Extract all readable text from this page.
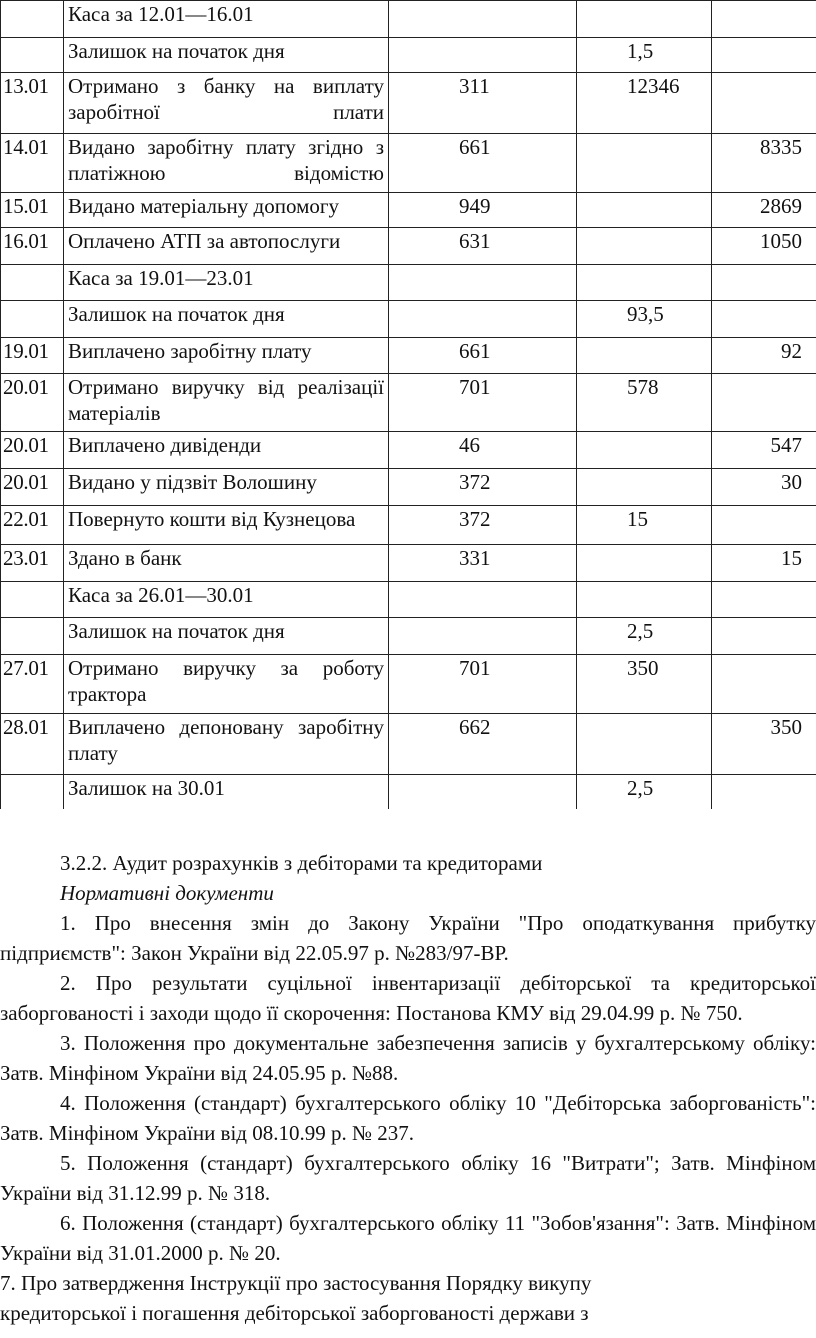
	Каса за 12.01—16.01			
	Залишок на початок дня		1,5	
13.01	Отримано з банку на виплату заробітної плати	311	12346	
14.01	Видано заробітну плату згідно з платіжною відомістю	661		8335
15.01	Видано матеріальну допомогу	949		2869
16.01	Оплачено АТП за автопослуги	631		1050
	Каса за 19.01—23.01			
	Залишок на початок дня		93,5	
19.01	Виплачено заробітну плату	661		92
20.01	Отримано виручку від реалізації матеріалів	701	578	
20.01	Виплачено дивіденди	46		547
20.01	Видано у підзвіт Волошину	372		30
22.01	Повернуто кошти від Кузнецова	372	15	
23.01	Здано в банк	331		15
	Каса за 26.01—30.01			
	Залишок на початок дня		2,5	
27.01	Отримано виручку за роботу трактора	701	350	
28.01	Виплачено депоновану заробітну плату	662		350
	Залишок на 30.01		2,5	

3.2.2. Аудит розрахунків з дебіторами та кредиторами

Нормативні документи

1. Про внесення змін до Закону України "Про оподаткування прибутку підприємств": Закон України від 22.05.97 р. №283/97-ВР.

2. Про результати суцільної інвентаризації дебіторської та кредиторської заборгованості і заходи щодо її скорочення: Постанова КМУ від 29.04.99 р. № 750.

3. Положення про документальне забезпечення записів у бухгалтерському обліку: Затв. Мінфіном України від 24.05.95 р. №88.

4. Положення (стандарт) бухгалтерського обліку 10 "Дебіторська заборгованість": Затв. Мінфіном України від 08.10.99 р. № 237.

5. Положення (стандарт) бухгалтерського обліку 16 "Витрати"; Затв. Мінфіном України від 31.12.99 р. № 318.

6. Положення (стандарт) бухгалтерського обліку 11 "Зобов'язання": Затв. Мінфіном України від 31.01.2000 р. № 20.

7. Про затвердження Інструкції про застосування Порядку викупу

кредиторської і погашення дебіторської заборгованості держави з
